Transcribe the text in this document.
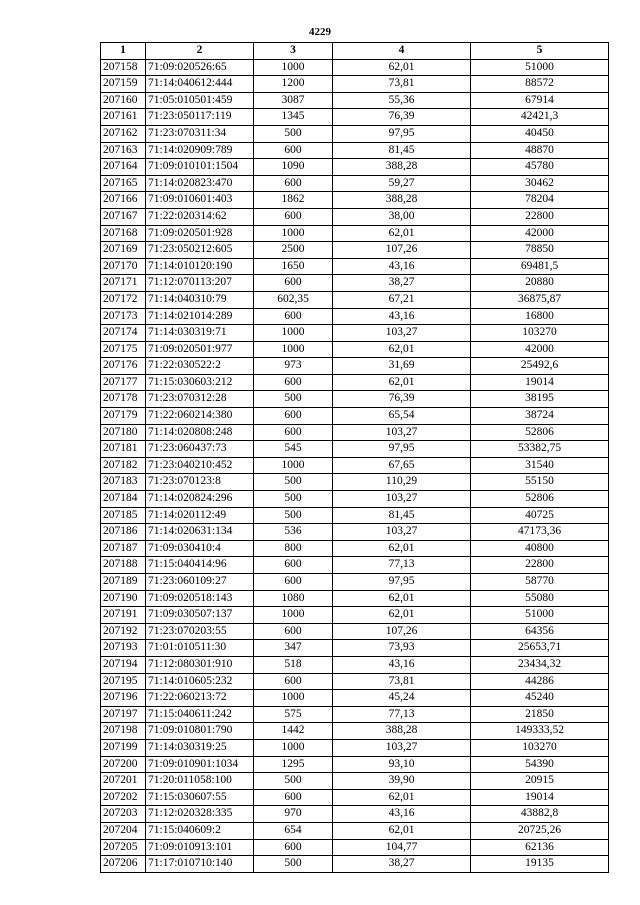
4229
1	2	3	4	5
207158	71:09:020526:65	1000	62,01	51000
207159	71:14:040612:444	1200	73,81	88572
207160	71:05:010501:459	3087	55,36	67914
207161	71:23:050117:119	1345	76,39	42421,3
207162	71:23:070311:34	500	97,95	40450
207163	71:14:020909:789	600	81,45	48870
207164	71:09:010101:1504	1090	388,28	45780
207165	71:14:020823:470	600	59,27	30462
207166	71:09:010601:403	1862	388,28	78204
207167	71:22:020314:62	600	38,00	22800
207168	71:09:020501:928	1000	62,01	42000
207169	71:23:050212:605	2500	107,26	78850
207170	71:14:010120:190	1650	43,16	69481,5
207171	71:12:070113:207	600	38,27	20880
207172	71:14:040310:79	602,35	67,21	36875,87
207173	71:14:021014:289	600	43,16	16800
207174	71:14:030319:71	1000	103,27	103270
207175	71:09:020501:977	1000	62,01	42000
207176	71:22:030522:2	973	31,69	25492,6
207177	71:15:030603:212	600	62,01	19014
207178	71:23:070312:28	500	76,39	38195
207179	71:22:060214:380	600	65,54	38724
207180	71:14:020808:248	600	103,27	52806
207181	71:23:060437:73	545	97,95	53382,75
207182	71:23:040210:452	1000	67,65	31540
207183	71:23:070123:8	500	110,29	55150
207184	71:14:020824:296	500	103,27	52806
207185	71:14:020112:49	500	81,45	40725
207186	71:14:020631:134	536	103,27	47173,36
207187	71:09:030410:4	800	62,01	40800
207188	71:15:040414:96	600	77,13	22800
207189	71:23:060109:27	600	97,95	58770
207190	71:09:020518:143	1080	62,01	55080
207191	71:09:030507:137	1000	62,01	51000
207192	71:23:070203:55	600	107,26	64356
207193	71:01:010511:30	347	73,93	25653,71
207194	71:12:080301:910	518	43,16	23434,32
207195	71:14:010605:232	600	73,81	44286
207196	71:22:060213:72	1000	45,24	45240
207197	71:15:040611:242	575	77,13	21850
207198	71:09:010801:790	1442	388,28	149333,52
207199	71:14:030319:25	1000	103,27	103270
207200	71:09:010901:1034	1295	93,10	54390
207201	71:20:011058:100	500	39,90	20915
207202	71:15:030607:55	600	62,01	19014
207203	71:12:020328:335	970	43,16	43882,8
207204	71:15:040609:2	654	62,01	20725,26
207205	71:09:010913:101	600	104,77	62136
207206	71:17:010710:140	500	38,27	19135
